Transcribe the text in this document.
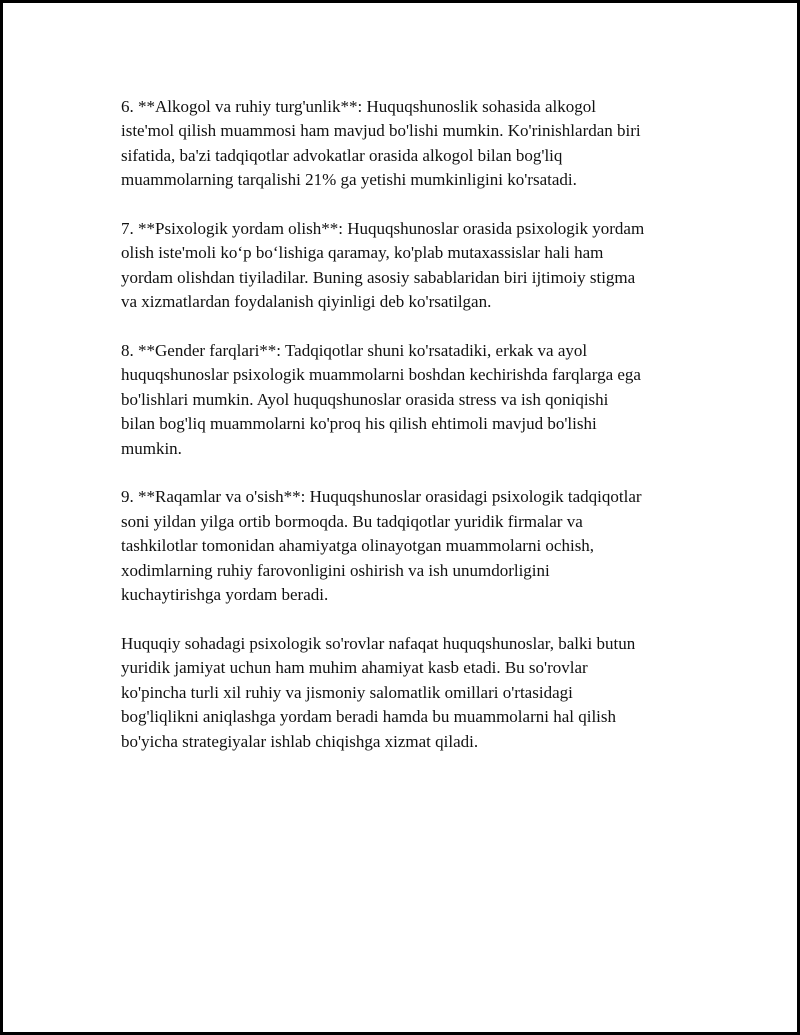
6. **Alkogol va ruhiy turg'unlik**: Huquqshunoslik sohasida alkogol
iste'mol qilish muammosi ham mavjud bo'lishi mumkin. Ko'rinishlardan biri
sifatida, ba'zi tadqiqotlar advokatlar orasida alkogol bilan bog'liq
muammolarning tarqalishi 21% ga yetishi mumkinligini ko'rsatadi.

7. **Psixologik yordam olish**: Huquqshunoslar orasida psixologik yordam
olish iste'moli ko‘p bo‘lishiga qaramay, ko'plab mutaxassislar hali ham
yordam olishdan tiyiladilar. Buning asosiy sabablaridan biri ijtimoiy stigma
va xizmatlardan foydalanish qiyinligi deb ko'rsatilgan.

8. **Gender farqlari**: Tadqiqotlar shuni ko'rsatadiki, erkak va ayol
huquqshunoslar psixologik muammolarni boshdan kechirishda farqlarga ega
bo'lishlari mumkin. Ayol huquqshunoslar orasida stress va ish qoniqishi
bilan bog'liq muammolarni ko'proq his qilish ehtimoli mavjud bo'lishi
mumkin.

9. **Raqamlar va o'sish**: Huquqshunoslar orasidagi psixologik tadqiqotlar
soni yildan yilga ortib bormoqda. Bu tadqiqotlar yuridik firmalar va
tashkilotlar tomonidan ahamiyatga olinayotgan muammolarni ochish,
xodimlarning ruhiy farovonligini oshirish va ish unumdorligini
kuchaytirishga yordam beradi.

Huquqiy sohadagi psixologik so'rovlar nafaqat huquqshunoslar, balki butun
yuridik jamiyat uchun ham muhim ahamiyat kasb etadi. Bu so'rovlar
ko'pincha turli xil ruhiy va jismoniy salomatlik omillari o'rtasidagi
bog'liqlikni aniqlashga yordam beradi hamda bu muammolarni hal qilish
bo'yicha strategiyalar ishlab chiqishga xizmat qiladi.
